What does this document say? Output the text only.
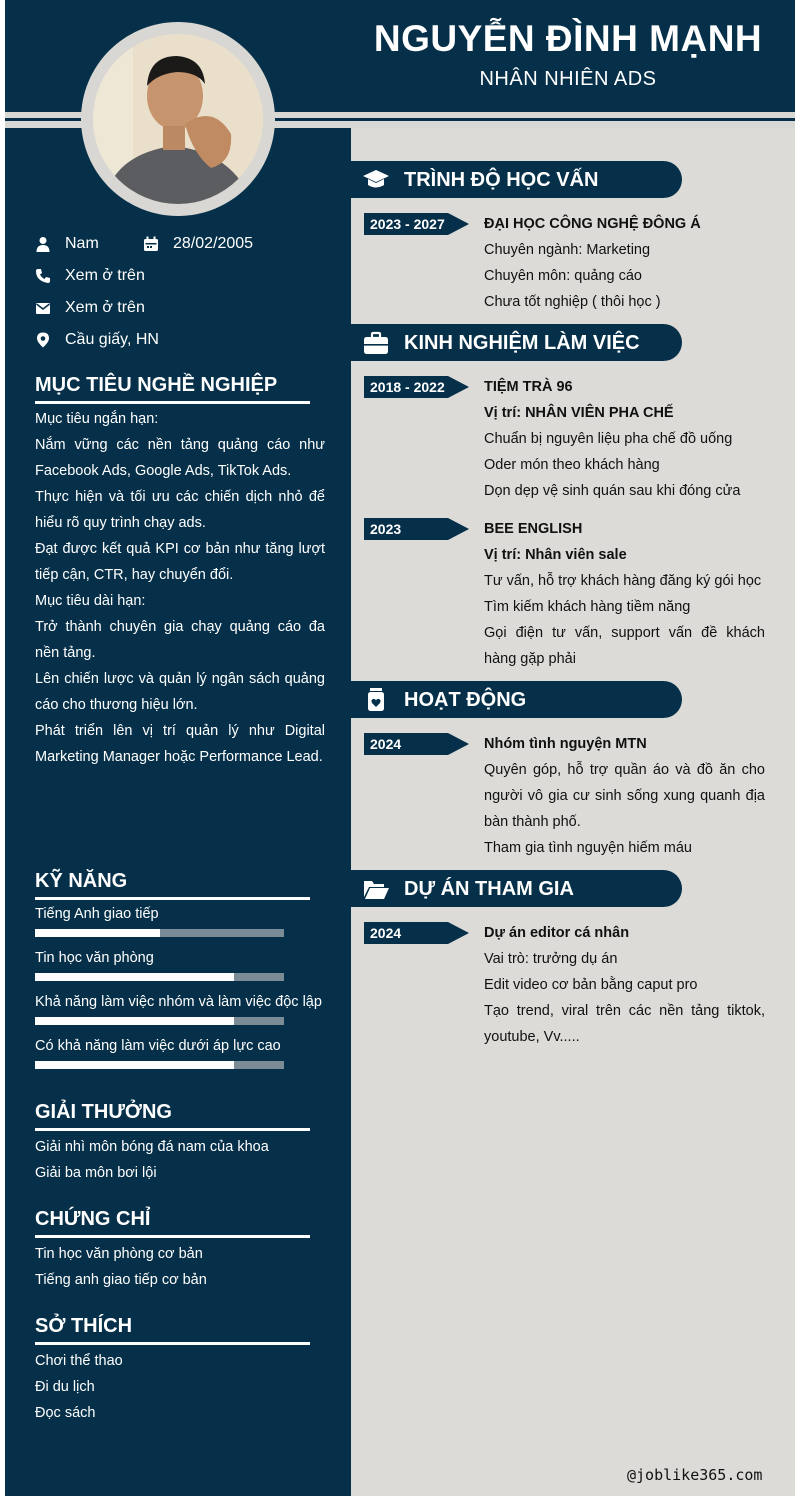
NGUYỄN ĐÌNH MẠNH
NHÂN NHIÊN ADS
Nam	28/02/2005
Xem ở trên
Xem ở trên
Cầu giấy, HN
MỤC TIÊU NGHỀ NGHIỆP

Mục tiêu ngắn hạn:

Nắm vững các nền tảng quảng cáo như Facebook Ads, Google Ads, TikTok Ads.

Thực hiện và tối ưu các chiến dịch nhỏ để hiểu rõ quy trình chạy ads.

Đạt được kết quả KPI cơ bản như tăng lượt tiếp cận, CTR, hay chuyển đổi.

Mục tiêu dài hạn:

Trở thành chuyên gia chạy quảng cáo đa nền tảng.

Lên chiến lược và quản lý ngân sách quảng cáo cho thương hiệu lớn.

Phát triển lên vị trí quản lý như Digital Marketing Manager hoặc Performance Lead.

KỸ NĂNG
Tiếng Anh giao tiếp
Tin học văn phòng
Khả năng làm việc nhóm và làm việc độc lập
Có khả năng làm việc dưới áp lực cao
GIẢI THƯỞNG

Giải nhì môn bóng đá nam của khoa

Giải ba môn bơi lội

CHỨNG CHỈ

Tin học văn phòng cơ bản

Tiếng anh giao tiếp cơ bản

SỞ THÍCH

Chơi thể thao

Đi du lịch

Đọc sách

TRÌNH ĐỘ HỌC VẤN
2023 - 2027	ĐẠI HỌC CÔNG NGHỆ ĐÔNG Á

Chuyên ngành: Marketing

Chuyên môn: quảng cáo

Chưa tốt nghiệp ( thôi học )

KINH NGHIỆM LÀM VIỆC
2018 - 2022	TIỆM TRÀ 96

Vị trí: NHÂN VIÊN PHA CHẾ

Chuẩn bị nguyên liệu pha chế đồ uống

Oder món theo khách hàng

Dọn dẹp vệ sinh quán sau khi đóng cửa

2023	BEE ENGLISH

Vị trí: Nhân viên sale

Tư vấn, hỗ trợ khách hàng đăng ký gói học

Tìm kiếm khách hàng tiềm năng

Gọi điện tư vấn, support vấn đề khách hàng gặp phải

HOẠT ĐỘNG
2024	Nhóm tình nguyện MTN

Quyên góp, hỗ trợ quần áo và đồ ăn cho người vô gia cư sinh sống xung quanh địa bàn thành phố.

Tham gia tình nguyện hiếm máu

DỰ ÁN THAM GIA
2024	Dự án editor cá nhân

Vai trò: trưởng dụ án

Edit video cơ bản bằng caput pro

Tạo trend, viral trên các nền tảng tiktok, youtube, Vv.....

@joblike365.com
